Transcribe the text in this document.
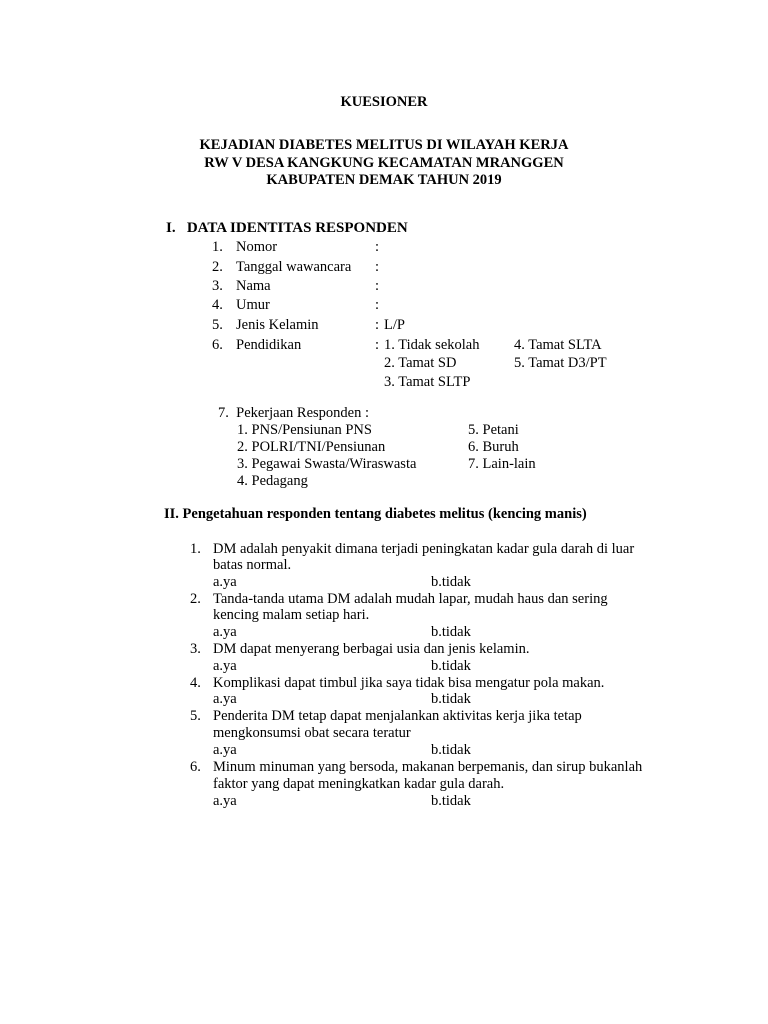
KUESIONER
KEJADIAN DIABETES MELITUS DI WILAYAH KERJA
RW V DESA KANGKUNG KECAMATAN MRANGGEN
KABUPATEN DEMAK TAHUN 2019
I.   DATA IDENTITAS RESPONDEN
1. Nomor	:
2. Tanggal wawancara :
3. Nama	:
4. Umur	:
5. Jenis Kelamin	: L/P
6. Pendidikan	: 1. Tidak sekolah 4. Tamat SLTA
2. Tamat SD	5. Tamat D3/PT
3. Tamat SLTP
7.  Pekerjaan Responden :
1. PNS/Pensiunan PNS	5. Petani
2. POLRI/TNI/Pensiunan	6. Buruh
3. Pegawai Swasta/Wiraswasta	7. Lain-lain
4. Pedagang
II. Pengetahuan responden tentang diabetes melitus (kencing manis)
1. DM adalah penyakit dimana terjadi peningkatan kadar gula darah di luar
batas normal.
a.ya	b.tidak
2. Tanda-tanda utama DM adalah mudah lapar, mudah haus dan sering
kencing malam setiap hari.
a.ya	b.tidak
3. DM dapat menyerang berbagai usia dan jenis kelamin.
a.ya	b.tidak
4. Komplikasi dapat timbul jika saya tidak bisa mengatur pola makan.
a.ya	b.tidak
5. Penderita DM tetap dapat menjalankan aktivitas kerja jika tetap
mengkonsumsi obat secara teratur
a.ya	b.tidak
6. Minum minuman yang bersoda, makanan berpemanis, dan sirup bukanlah
faktor yang dapat meningkatkan kadar gula darah.
a.ya	b.tidak
